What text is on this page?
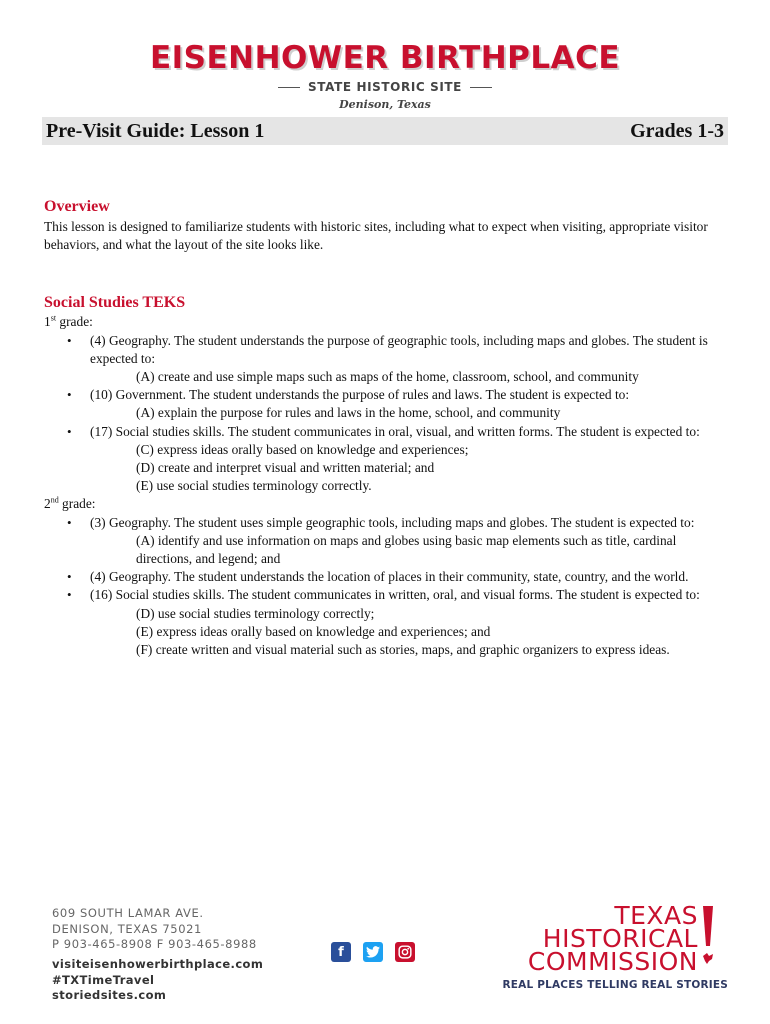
EISENHOWER BIRTHPLACE
STATE HISTORIC SITE
Denison, Texas
Pre-Visit Guide: Lesson 1	Grades 1-3
Overview

This lesson is designed to familiarize students with historic sites, including what to expect when visiting, appropriate visitor behaviors, and what the layout of the site looks like.

Social Studies TEKS
1st grade:
• (4) Geography. The student understands the purpose of geographic tools, including maps and globes. The student is expected to:
(A) create and use simple maps such as maps of the home, classroom, school, and community
• (10) Government. The student understands the purpose of rules and laws. The student is expected to:
(A) explain the purpose for rules and laws in the home, school, and community
• (17) Social studies skills. The student communicates in oral, visual, and written forms. The student is expected to:
(C) express ideas orally based on knowledge and experiences;
(D) create and interpret visual and written material; and
(E) use social studies terminology correctly.
2nd grade:
• (3) Geography. The student uses simple geographic tools, including maps and globes. The student is expected to:
(A) identify and use information on maps and globes using basic map elements such as title, cardinal directions, and legend; and
• (4) Geography. The student understands the location of places in their community, state, country, and the world.
• (16) Social studies skills. The student communicates in written, oral, and visual forms. The student is expected to:
(D) use social studies terminology correctly;
(E) express ideas orally based on knowledge and experiences; and
(F) create written and visual material such as stories, maps, and graphic organizers to express ideas.
609 SOUTH LAMAR AVE.
DENISON, TEXAS 75021
P 903-465-8908 F 903-465-8988
visiteisenhowerbirthplace.com
#TXTimeTravel
storiedsites.com
f
TEXAS
HISTORICAL
COMMISSION
REAL PLACES TELLING REAL STORIES
